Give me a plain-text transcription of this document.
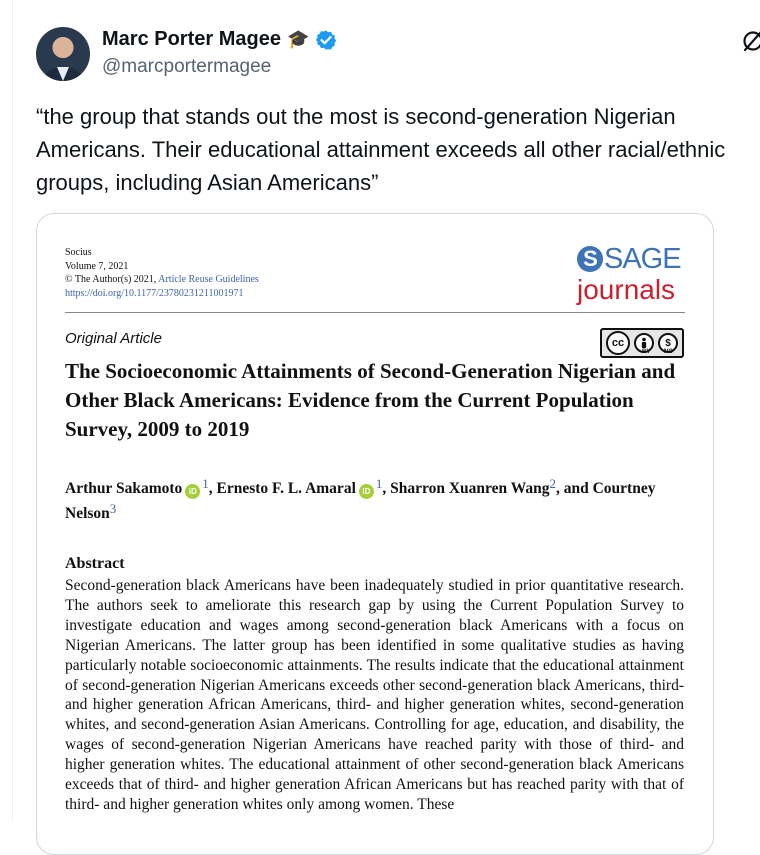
Marc Porter Magee 🎓
@marcportermagee
“the group that stands out the most is second-generation Nigerian Americans. Their educational attainment exceeds all other racial/ethnic groups, including Asian Americans”
Socius
Volume 7, 2021
© The Author(s) 2021, Article Reuse Guidelines
https://doi.org/10.1177/23780231211001971
S SAGE
journals
Original Article	cc	$
BY NC
The Socioeconomic Attainments of Second-Generation Nigerian and Other Black Americans: Evidence from the Current Population Survey, 2009 to 2019
Arthur Sakamoto $iD^1$, Ernesto F. L. Amaral $iD^1$, Sharron Xuanren Wang$^2$, and Courtney Nelson$^3$
Abstract
Second-generation black Americans have been inadequately studied in prior quantitative research. The authors seek to ameliorate this research gap by using the Current Population Survey to investigate education and wages among second-generation black Americans with a focus on Nigerian Americans. The latter group has been identified in some qualitative studies as having particularly notable socioeconomic attainments. The results indicate that the educational attainment of second-generation Nigerian Americans exceeds other second-generation black Americans, third- and higher generation African Americans, third- and higher generation whites, second-generation whites, and second-generation Asian Americans. Controlling for age, education, and disability, the wages of second-generation Nigerian Americans have reached parity with those of third- and higher generation whites. The educational attainment of other second-generation black Americans exceeds that of third- and higher generation African Americans but has reached parity with that of third- and higher generation whites only among women. These
